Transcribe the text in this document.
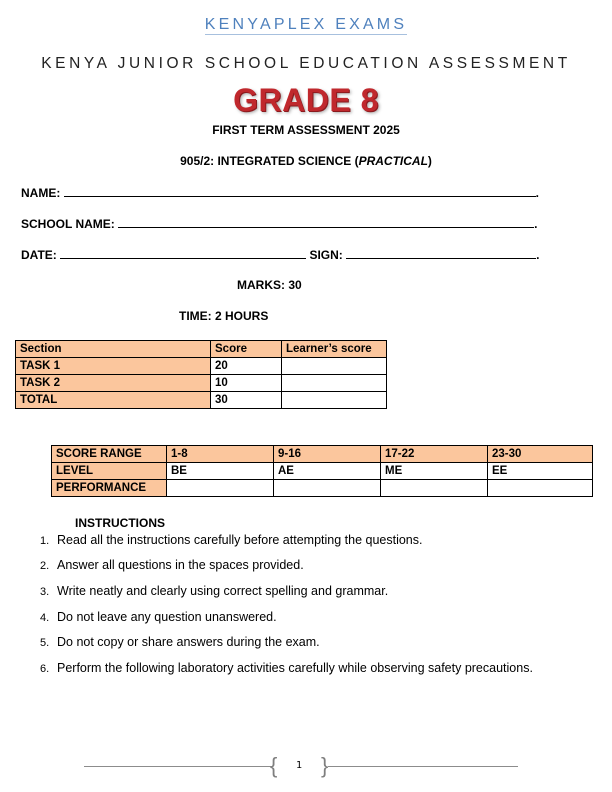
KENYAPLEX EXAMS
KENYA JUNIOR SCHOOL EDUCATION ASSESSMENT
GRADE 8
FIRST TERM ASSESSMENT 2025
905/2: INTEGRATED SCIENCE (PRACTICAL)
NAME:	.
SCHOOL NAME:	.
DATE:	SIGN:	.
MARKS: 30
TIME: 2 HOURS
Section	Score	Learner’s score
TASK 1	20	
TASK 2	10	
TOTAL	30	
SCORE RANGE	1-8	9-16	17-22	23-30
LEVEL	BE	AE	ME	EE
PERFORMANCE				
INSTRUCTIONS
1. Read all the instructions carefully before attempting the questions.
2. Answer all questions in the spaces provided.
3. Write neatly and clearly using correct spelling and grammar.
4. Do not leave any question unanswered.
5. Do not copy or share answers during the exam.
6. Perform the following laboratory activities carefully while observing safety precautions.
{ }
1
